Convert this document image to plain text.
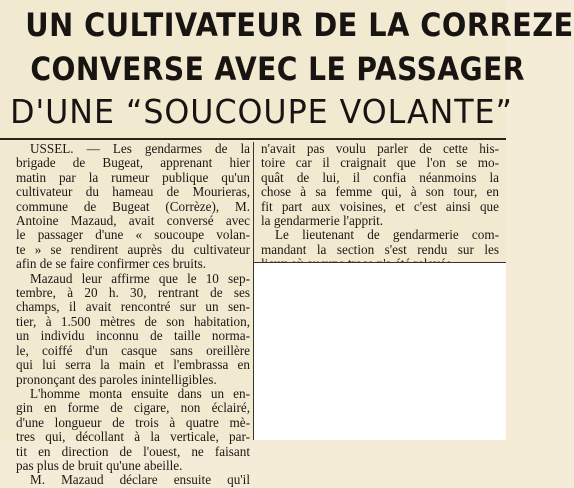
UN CULTIVATEUR DE LA CORREZE
CONVERSE AVEC LE PASSAGER
D'UNE “SOUCOUPE VOLANTE”
USSEL. — Les gendarmes de la
brigade de Bugeat, apprenant hier
matin par la rumeur publique qu'un
cultivateur du hameau de Mourieras,
commune de Bugeat (Corrèze), M.
Antoine Mazaud, avait conversé avec
le passager d'une « soucoupe volan-
te » se rendirent auprès du cultivateur
afin de se faire confirmer ces bruits.
Mazaud leur affirme que le 10 sep-
tembre, à 20 h. 30, rentrant de ses
champs, il avait rencontré sur un sen-
tier, à 1.500 mètres de son habitation,
un individu inconnu de taille norma-
le, coiffé d'un casque sans oreillère
qui lui serra la main et l'embrassa en
prononçant des paroles inintelligibles.
L'homme monta ensuite dans un en-
gin en forme de cigare, non éclairé,
d'une longueur de trois à quatre mè-
tres qui, décollant à la verticale, par-
tit en direction de l'ouest, ne faisant
pas plus de bruit qu'une abeille.
M. Mazaud déclare ensuite qu'il
n'avait pas voulu parler de cette his-
toire car il craignait que l'on se mo-
quât de lui, il confia néanmoins la
chose à sa femme qui, à son tour, en
fit part aux voisines, et c'est ainsi que
la gendarmerie l'apprit.
Le lieutenant de gendarmerie com-
mandant la section s'est rendu sur les
